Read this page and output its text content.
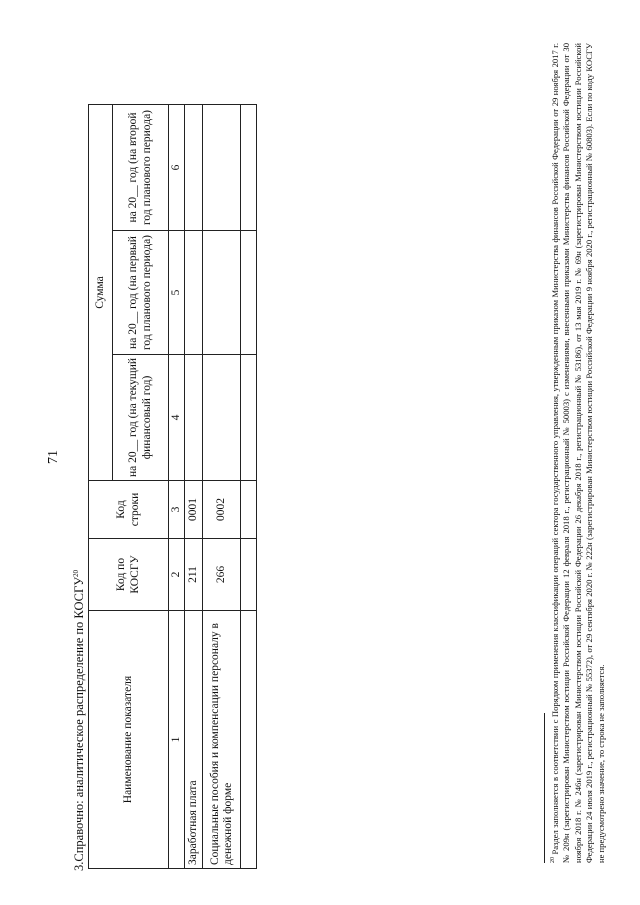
71
3.Справочно: аналитическое распределение по КОСГУ$^{20}$
Наименование показателя	Код по КОСГУ	Код строки	Сумма		
			на 20__ год (на текущий финансовый год)	на 20__ год (на первый год планового периода)	на 20__ год (на второй год планового периода)
1	2	3	4	5	6
Заработная плата	211	0001			
Социальные пособия и компенсации персоналу в денежной форме	266	0002			

$^{20}$ Раздел заполняется в соответствии с Порядком применения классификации операций сектора государственного управления, утвержденным приказом Министерства финансов Российской Федерации от 29 ноября 2017 г. № 209н (зарегистрирован Министерством юстиции Российской Федерации 12 февраля 2018 г., регистрационный № 50003) с изменениями, внесенными приказами Министерства финансов Российской Федерации от 30 ноября 2018 г. № 246н (зарегистрирован Министерством юстиции Российской Федерации 26 декабря 2018 г., регистрационный № 53186), от 13 мая 2019 г. № 69н (зарегистрирован Министерством юстиции Российской Федерации 24 июля 2019 г., регистрационный № 55372), от 29 сентября 2020 г. № 222н (зарегистрирован Министерством юстиции Российской Федерации 9 ноября 2020 г., регистрационный № 60803). Если по коду КОСГУ не предусмотрено значение, то строка не заполняется.
